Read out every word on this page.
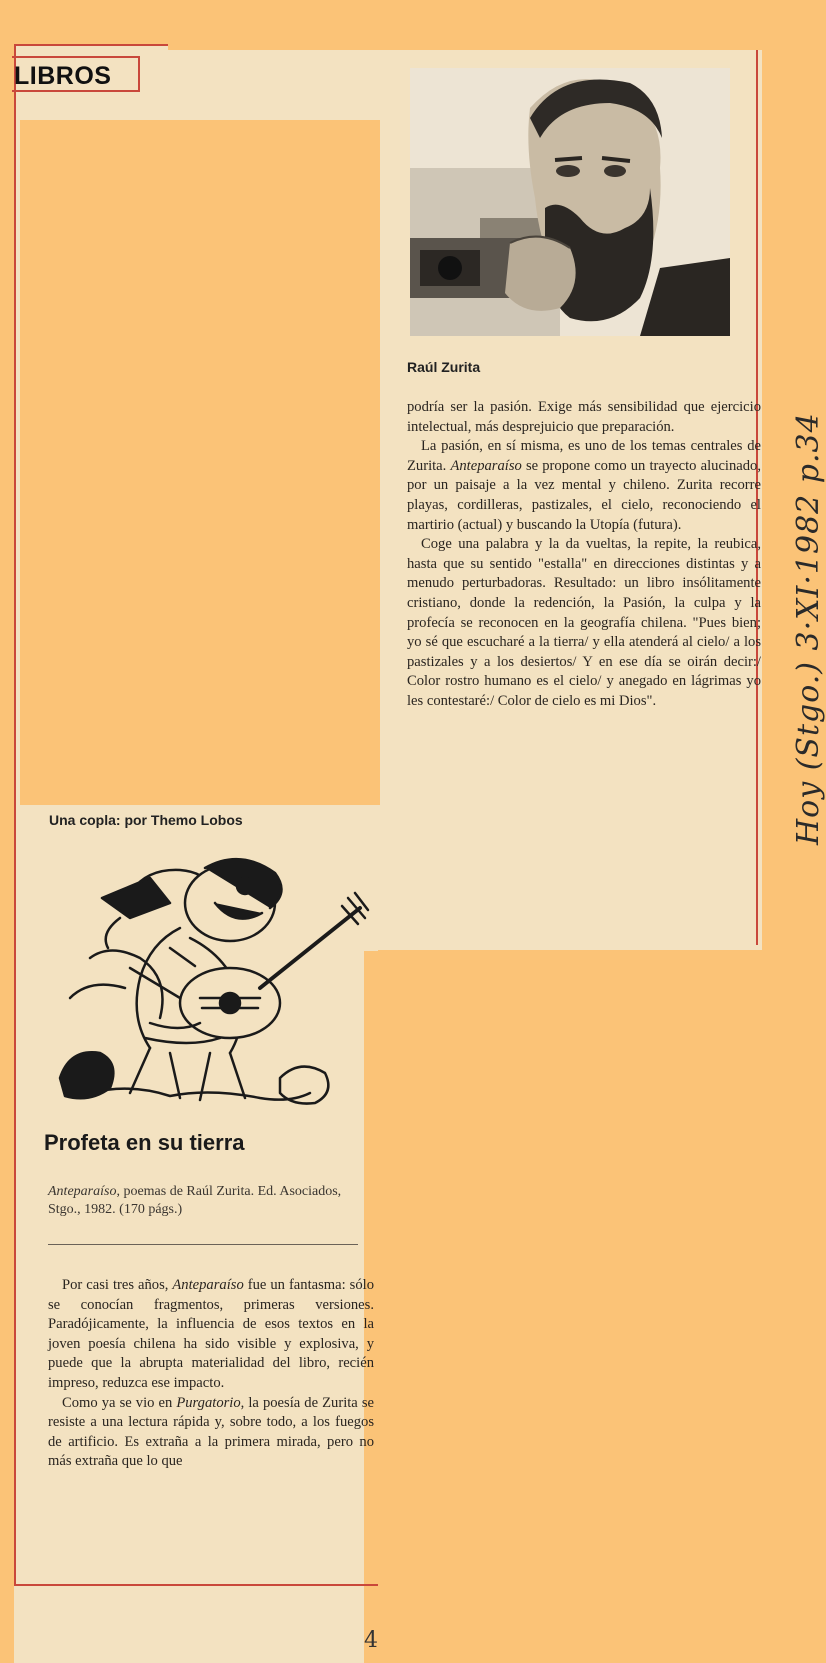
LIBROS
Raúl Zurita

podría ser la pasión. Exige más sensibilidad que ejercicio intelectual, más desprejuicio que preparación.

La pasión, en sí misma, es uno de los temas centrales de Zurita. Anteparaíso se propone como un trayecto alucinado, por un paisaje a la vez mental y chileno. Zurita recorre playas, cordilleras, pastizales, el cielo, reconociendo el martirio (actual) y buscando la Utopía (futura).

Coge una palabra y la da vueltas, la repite, la reubica, hasta que su sentido "estalla" en direcciones distintas y a menudo perturbadoras. Resultado: un libro insólitamente cristiano, donde la redención, la Pasión, la culpa y la profecía se reconocen en la geografía chilena. "Pues bien; yo sé que escucharé a la tierra/ y ella atenderá al cielo/ a los pastizales y a los desiertos/ Y en ese día se oirán decir:/ Color rostro humano es el cielo/ y anegado en lágrimas yo les contestaré:/ Color de cielo es mi Dios".

Una copla: por Themo Lobos
Profeta en su tierra
Anteparaíso, poemas de Raúl Zurita. Ed. Asociados, Stgo., 1982. (170 págs.)

Por casi tres años, Anteparaíso fue un fantasma: sólo se conocían fragmentos, primeras versiones. Paradójicamente, la influencia de esos textos en la joven poesía chilena ha sido visible y explosiva, y puede que la abrupta materialidad del libro, recién impreso, reduzca ese impacto.

Como ya se vio en Purgatorio, la poesía de Zurita se resiste a una lectura rápida y, sobre todo, a los fuegos de artificio. Es extraña a la primera mirada, pero no más extraña que lo que

Hoy (Stgo.) 3·XI·1982 p.34
4
